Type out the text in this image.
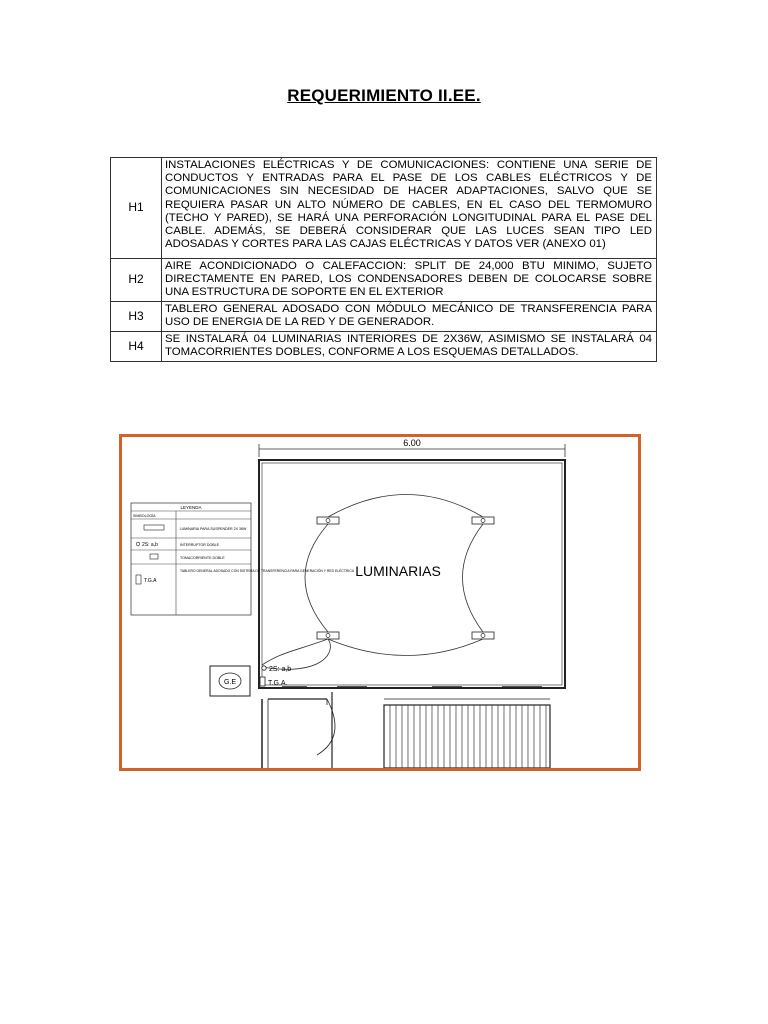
REQUERIMIENTO II.EE.
H1	INSTALACIONES ELÉCTRICAS Y DE COMUNICACIONES: CONTIENE UNA SERIE DE CONDUCTOS Y ENTRADAS PARA EL PASE DE LOS CABLES ELÉCTRICOS Y DE COMUNICACIONES SIN NECESIDAD DE HACER ADAPTACIONES, SALVO QUE SE REQUIERA PASAR UN ALTO NÚMERO DE CABLES, EN EL CASO DEL TERMOMURO (TECHO Y PARED), SE HARÁ UNA PERFORACIÓN LONGITUDINAL PARA EL PASE DEL CABLE. ADEMÁS, SE DEBERÁ CONSIDERAR QUE LAS LUCES SEAN TIPO LED ADOSADAS Y CORTES PARA LAS CAJAS ELÉCTRICAS Y DATOS VER (ANEXO 01)
H2	AIRE ACONDICIONADO O CALEFACCION: SPLIT DE 24,000 BTU MINIMO, SUJETO DIRECTAMENTE EN PARED, LOS CONDENSADORES DEBEN DE COLOCARSE SOBRE UNA ESTRUCTURA DE SOPORTE EN EL EXTERIOR
H3	TABLERO GENERAL ADOSADO CON MÓDULO MECÁNICO DE TRANSFERENCIA PARA USO DE ENERGIA DE LA RED Y DE GENERADOR.
H4	SE INSTALARÁ 04 LUMINARIAS INTERIORES DE 2X36W, ASIMISMO SE INSTALARÁ 04 TOMACORRIENTES DOBLES, CONFORME A LOS ESQUEMAS DETALLADOS.
6.00
LUMINARIAS
2S: a,b
T.G.A.
G.E
LEYENDA
SIMBOLOGÍA
LUMINARIA PARA SUSPENDER 2X 36W
2S: a,b	INTERRUPTOR DOBLE
TOMACORRIENTE DOBLE
T.G.A
TABLERO GENERAL ADOSADO CON SISTEMA DE TRANSFERENCIA PARA GENERACIÓN Y RED ELÉCTRICA
